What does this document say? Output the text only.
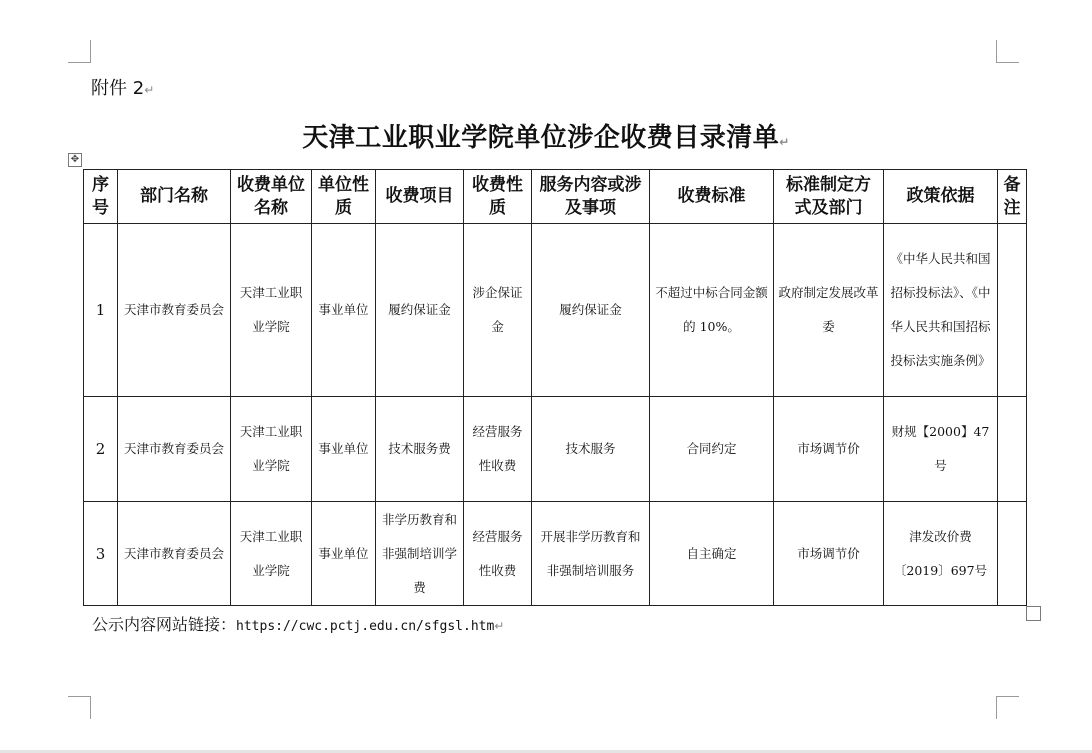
附件 2↵
天津工业职业学院单位涉企收费目录清单↵
✥
序号	部门名称	收费单位名称	单位性质	收费项目	收费性质	服务内容或涉及事项	收费标准	标准制定方式及部门	政策依据	备注
1	天津市教育委员会	天津工业职业学院	事业单位	履约保证金	涉企保证金	履约保证金	不超过中标合同金额的 10%。	政府制定发展改革委	《中华人民共和国招标投标法》、《中华人民共和国招标投标法实施条例》	
2	天津市教育委员会	天津工业职业学院	事业单位	技术服务费	经营服务性收费	技术服务	合同约定	市场调节价	财规【2000】47号	
3	天津市教育委员会	天津工业职业学院	事业单位	非学历教育和非强制培训学费	经营服务性收费	开展非学历教育和非强制培训服务	自主确定	市场调节价	津发改价费〔2019〕697号	
公示内容网站链接：https://cwc.pctj.edu.cn/sfgsl.htm↵
